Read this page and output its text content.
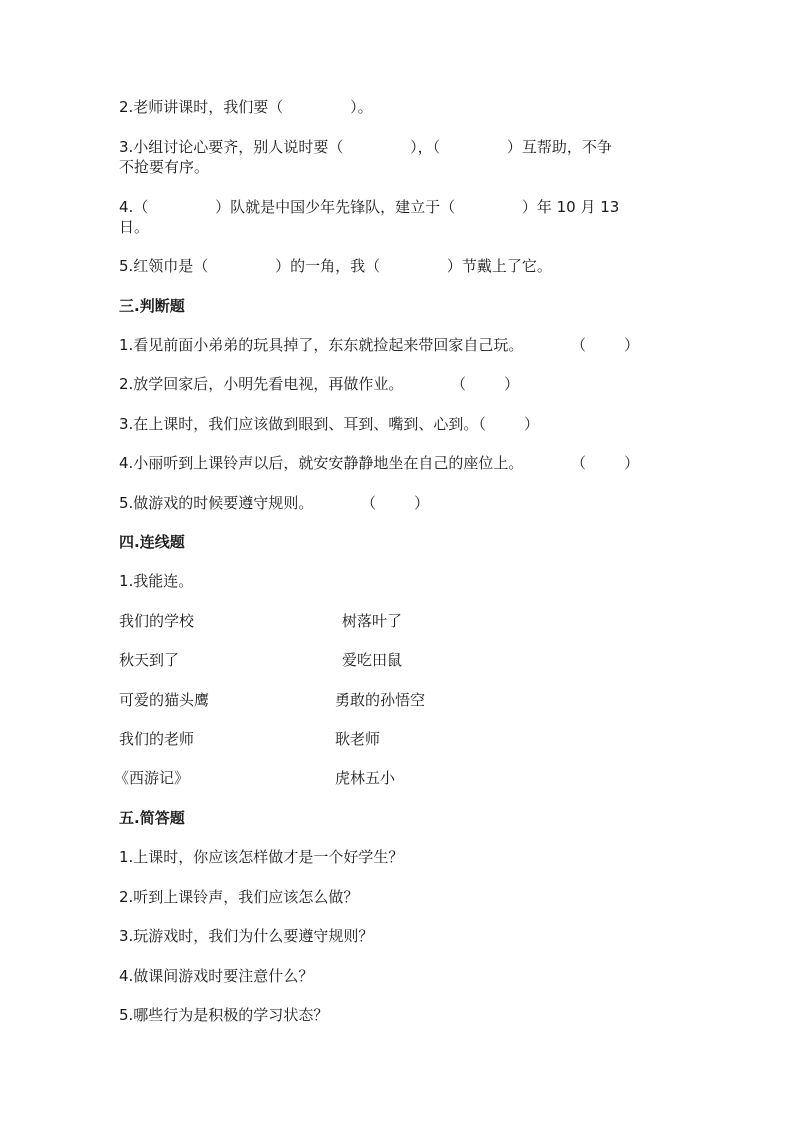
2.老师讲课时，我们要（              ）。
3.小组讨论心要齐，别人说时要（              ），（              ）互帮助，不争
不抢要有序。
4.（              ）队就是中国少年先锋队，建立于（              ）年 10 月 13
日。
5.红领巾是（              ）的一角，我（              ）节戴上了它。
三.判断题
1.看见前面小弟弟的玩具掉了，东东就捡起来带回家自己玩。          （        ）
2.放学回家后，小明先看电视，再做作业。          （        ）
3.在上课时，我们应该做到眼到、耳到、嘴到、心到。（        ）
4.小丽听到上课铃声以后，就安安静静地坐在自己的座位上。          （        ）
5.做游戏的时候要遵守规则。          （        ）
四.连线题
1.我能连。
我们的学校	树落叶了
秋天到了	爱吃田鼠
可爱的猫头鹰	勇敢的孙悟空
我们的老师	耿老师
《西游记》	虎林五小
五.简答题
1.上课时，你应该怎样做才是一个好学生？
2.听到上课铃声，我们应该怎么做？
3.玩游戏时，我们为什么要遵守规则？
4.做课间游戏时要注意什么？
5.哪些行为是积极的学习状态？
